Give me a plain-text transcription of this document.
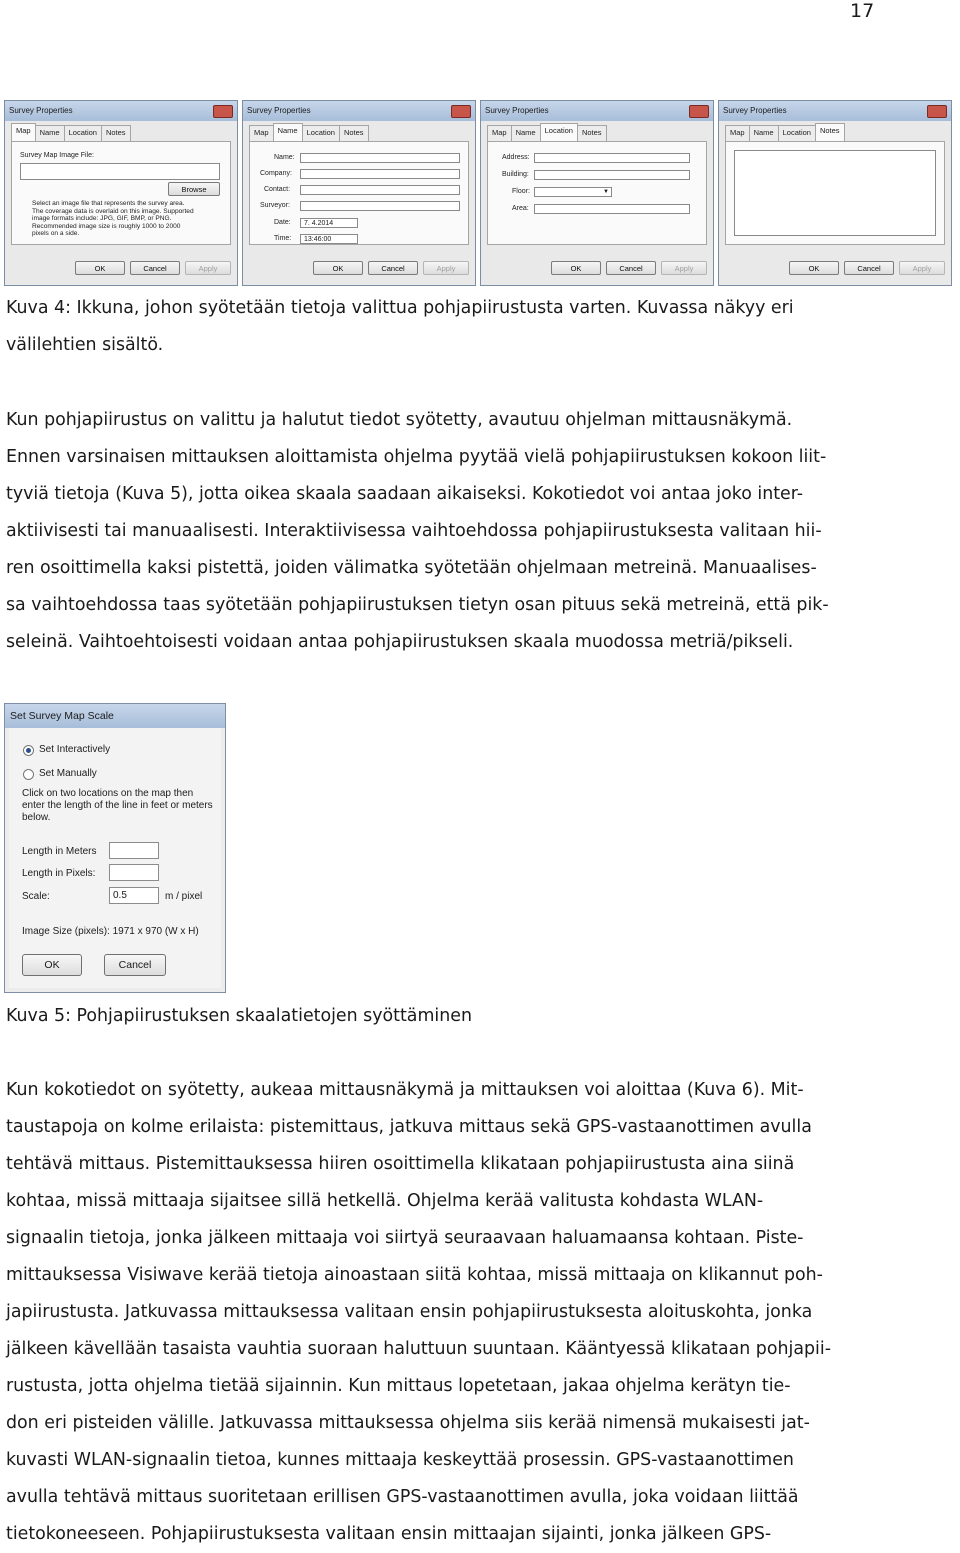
17
Survey Properties
Map	Name	Location	Notes
Survey Map Image File:
Browse
Select an image file that represents the survey area.
The coverage data is overlaid on this image. Supported
image formats include: JPG, GIF, BMP, or PNG.
Recommended image size is roughly 1000 to 2000
pixels on a side.
OK	Cancel	Apply
Survey Properties
Map	Name	Location	Notes
Name:
Company:
Contact:
Surveyor:
Date:	7. 4.2014
Time:	13:46:00
OK	Cancel	Apply
Survey Properties
Map	Name	Location	Notes
Address:
Building:
Floor:	▼
Area:
OK	Cancel	Apply
Survey Properties
Map	Name	Location	Notes
OK	Cancel	Apply
Kuva 4: Ikkuna, johon syötetään tietoja valittua pohjapiirustusta varten. Kuvassa näkyy eri
välilehtien sisältö.
Kun pohjapiirustus on valittu ja halutut tiedot syötetty, avautuu ohjelman mittausnäkymä.
Ennen varsinaisen mittauksen aloittamista ohjelma pyytää vielä pohjapiirustuksen kokoon liit-
tyviä tietoja (Kuva 5), jotta oikea skaala saadaan aikaiseksi. Kokotiedot voi antaa joko inter-
aktiivisesti tai manuaalisesti. Interaktiivisessa vaihtoehdossa pohjapiirustuksesta valitaan hii-
ren osoittimella kaksi pistettä, joiden välimatka syötetään ohjelmaan metreinä. Manuaalises-
sa vaihtoehdossa taas syötetään pohjapiirustuksen tietyn osan pituus sekä metreinä, että pik-
seleinä. Vaihtoehtoisesti voidaan antaa pohjapiirustuksen skaala muodossa metriä/pikseli.
Set Survey Map Scale
Set Interactively
Set Manually
Click on two locations on the map then
enter the length of the line in feet or meters
below.
Length in Meters
Length in Pixels:
Scale:	0.5	m / pixel
Image Size (pixels): 1971 x 970 (W x H)
OK	Cancel
Kuva 5: Pohjapiirustuksen skaalatietojen syöttäminen
Kun kokotiedot on syötetty, aukeaa mittausnäkymä ja mittauksen voi aloittaa (Kuva 6). Mit-
taustapoja on kolme erilaista: pistemittaus, jatkuva mittaus sekä GPS-vastaanottimen avulla
tehtävä mittaus. Pistemittauksessa hiiren osoittimella klikataan pohjapiirustusta aina siinä
kohtaa, missä mittaaja sijaitsee sillä hetkellä. Ohjelma kerää valitusta kohdasta WLAN-
signaalin tietoja, jonka jälkeen mittaaja voi siirtyä seuraavaan haluamaansa kohtaan. Piste-
mittauksessa Visiwave kerää tietoja ainoastaan siitä kohtaa, missä mittaaja on klikannut poh-
japiirustusta. Jatkuvassa mittauksessa valitaan ensin pohjapiirustuksesta aloituskohta, jonka
jälkeen kävellään tasaista vauhtia suoraan haluttuun suuntaan. Kääntyessä klikataan pohjapii-
rustusta, jotta ohjelma tietää sijainnin. Kun mittaus lopetetaan, jakaa ohjelma kerätyn tie-
don eri pisteiden välille. Jatkuvassa mittauksessa ohjelma siis kerää nimensä mukaisesti jat-
kuvasti WLAN-signaalin tietoa, kunnes mittaaja keskeyttää prosessin. GPS-vastaanottimen
avulla tehtävä mittaus suoritetaan erillisen GPS-vastaanottimen avulla, joka voidaan liittää
tietokoneeseen. Pohjapiirustuksesta valitaan ensin mittaajan sijainti, jonka jälkeen GPS-
